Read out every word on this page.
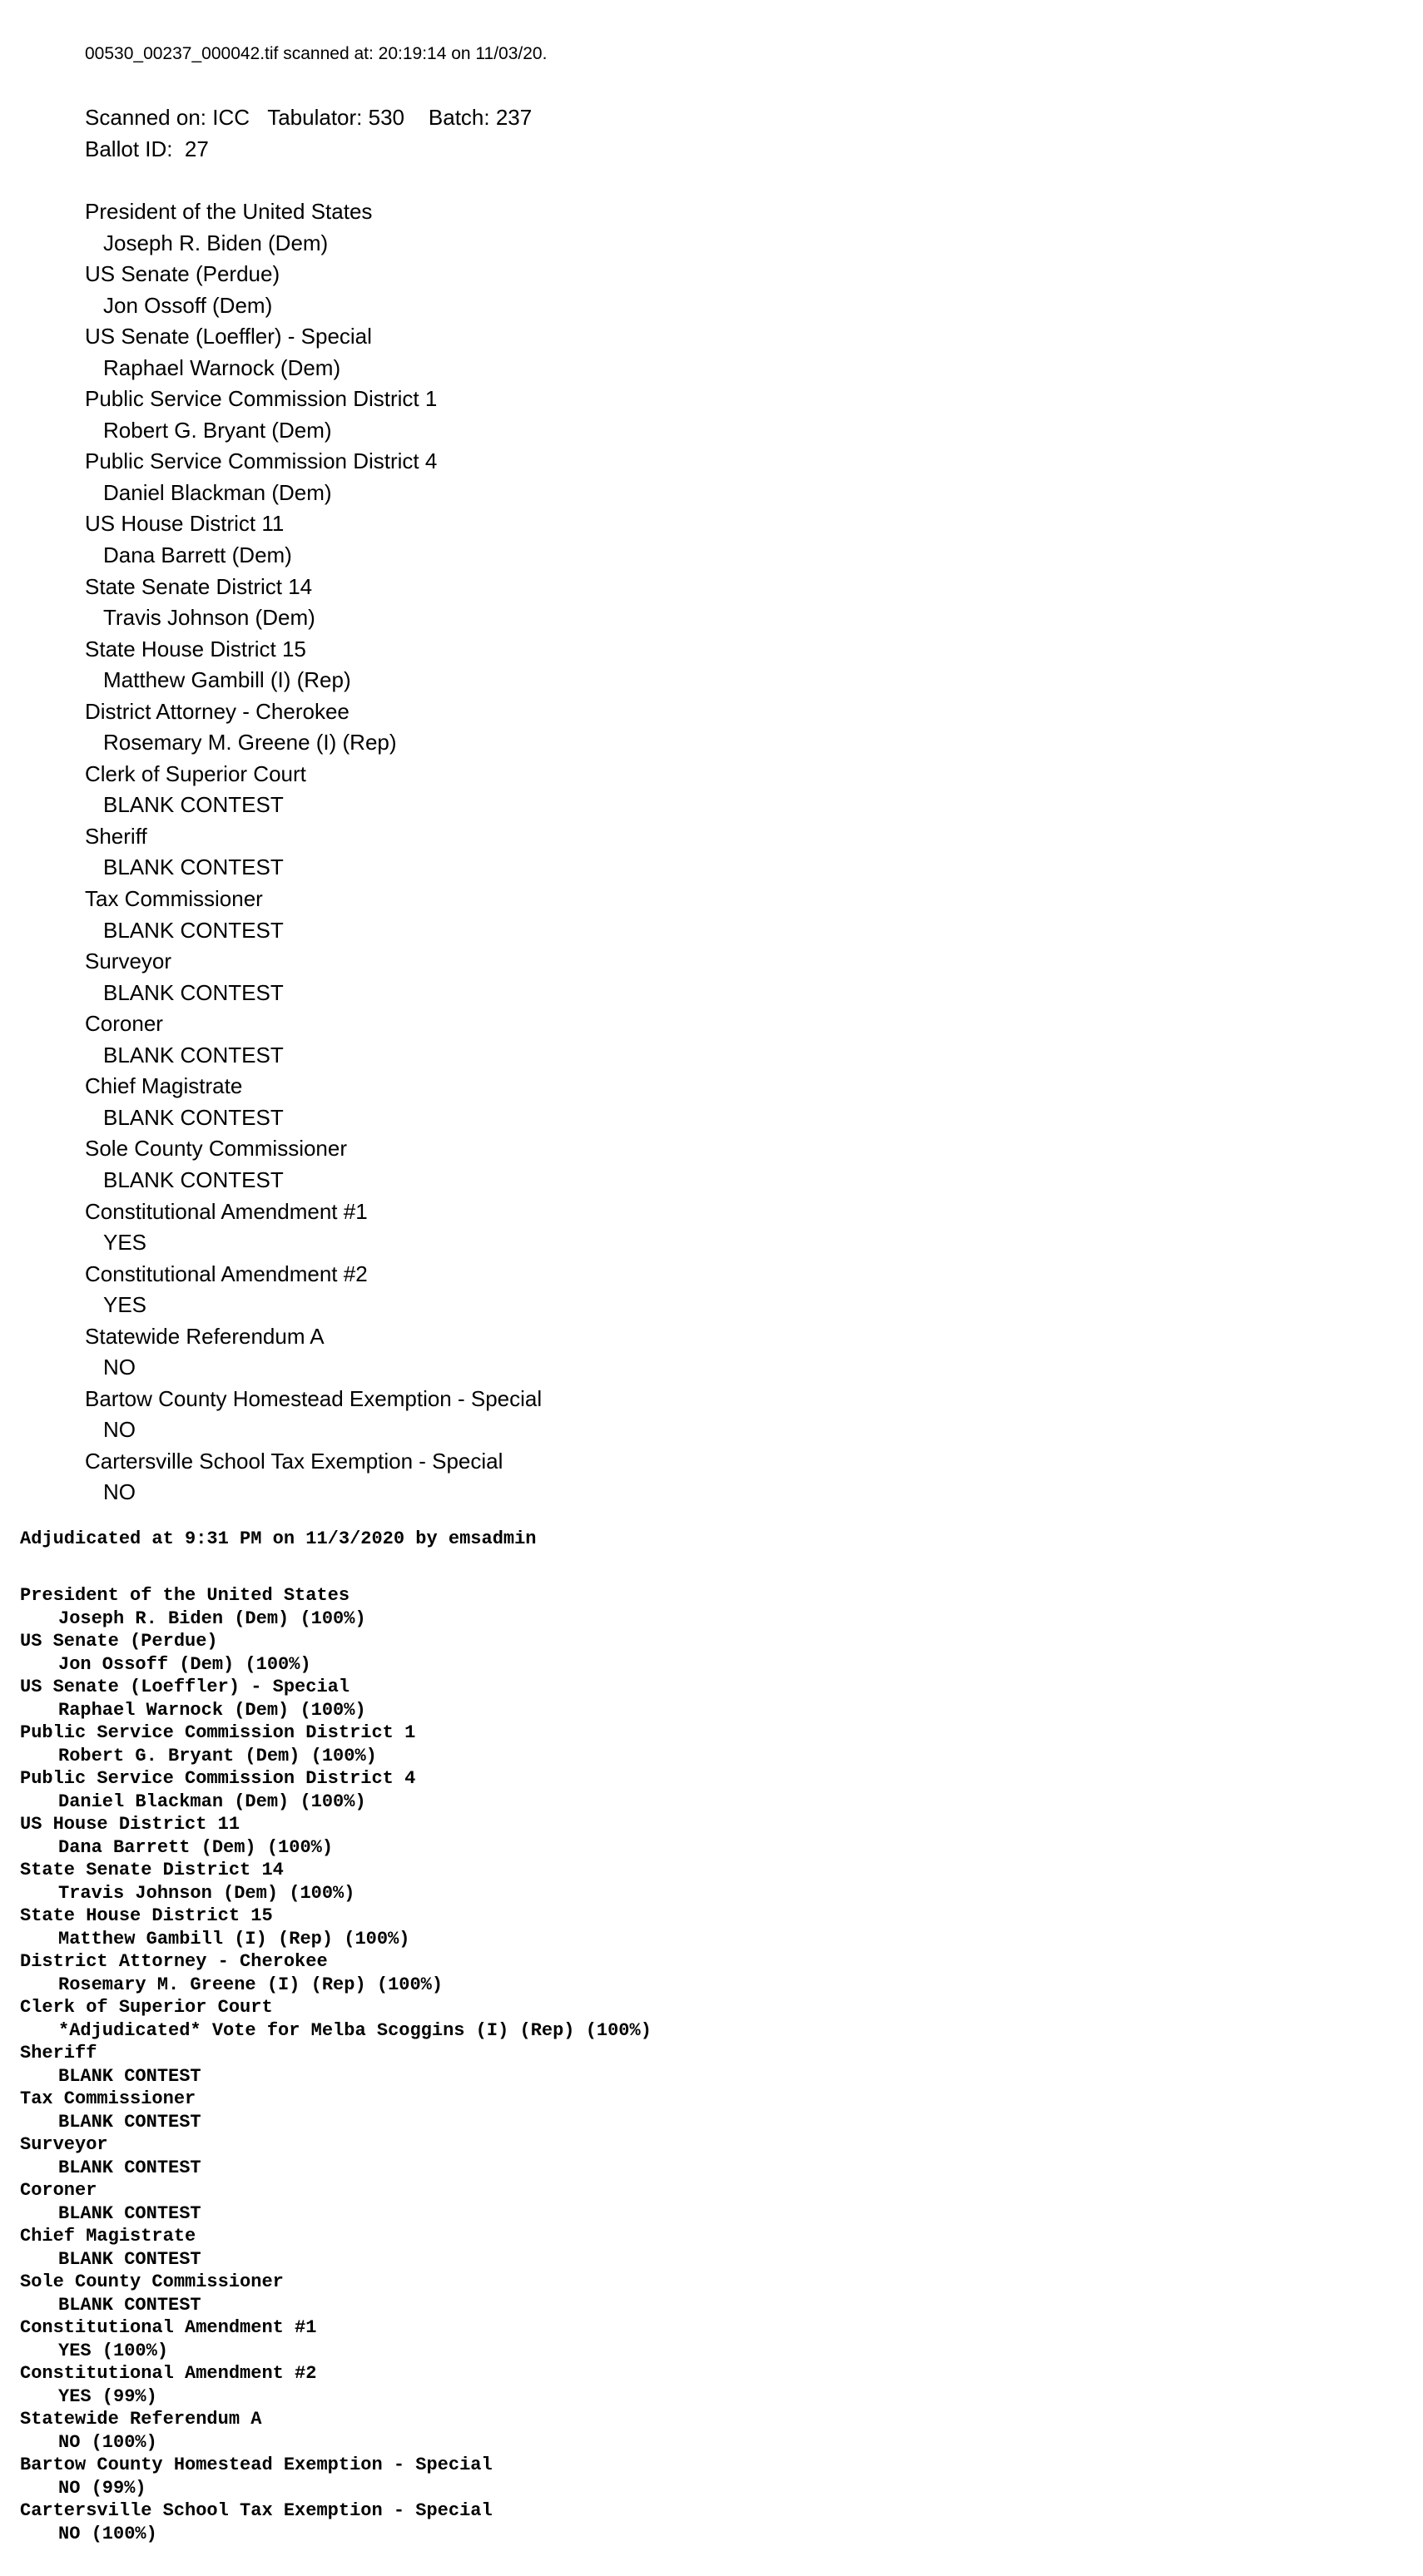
00530_00237_000042.tif scanned at: 20:19:14 on 11/03/20.
Scanned on: ICC   Tabulator: 530    Batch: 237
Ballot ID:  27
President of the United States
Joseph R. Biden (Dem)
US Senate (Perdue)
Jon Ossoff (Dem)
US Senate (Loeffler) - Special
Raphael Warnock (Dem)
Public Service Commission District 1
Robert G. Bryant (Dem)
Public Service Commission District 4
Daniel Blackman (Dem)
US House District 11
Dana Barrett (Dem)
State Senate District 14
Travis Johnson (Dem)
State House District 15
Matthew Gambill (I) (Rep)
District Attorney - Cherokee
Rosemary M. Greene (I) (Rep)
Clerk of Superior Court
BLANK CONTEST
Sheriff
BLANK CONTEST
Tax Commissioner
BLANK CONTEST
Surveyor
BLANK CONTEST
Coroner
BLANK CONTEST
Chief Magistrate
BLANK CONTEST
Sole County Commissioner
BLANK CONTEST
Constitutional Amendment #1
YES
Constitutional Amendment #2
YES
Statewide Referendum A
NO
Bartow County Homestead Exemption - Special
NO
Cartersville School Tax Exemption - Special
NO
Adjudicated at 9:31 PM on 11/3/2020 by emsadmin
President of the United States
Joseph R. Biden (Dem) (100%)
US Senate (Perdue)
Jon Ossoff (Dem) (100%)
US Senate (Loeffler) - Special
Raphael Warnock (Dem) (100%)
Public Service Commission District 1
Robert G. Bryant (Dem) (100%)
Public Service Commission District 4
Daniel Blackman (Dem) (100%)
US House District 11
Dana Barrett (Dem) (100%)
State Senate District 14
Travis Johnson (Dem) (100%)
State House District 15
Matthew Gambill (I) (Rep) (100%)
District Attorney - Cherokee
Rosemary M. Greene (I) (Rep) (100%)
Clerk of Superior Court
*Adjudicated* Vote for Melba Scoggins (I) (Rep) (100%)
Sheriff
BLANK CONTEST
Tax Commissioner
BLANK CONTEST
Surveyor
BLANK CONTEST
Coroner
BLANK CONTEST
Chief Magistrate
BLANK CONTEST
Sole County Commissioner
BLANK CONTEST
Constitutional Amendment #1
YES (100%)
Constitutional Amendment #2
YES (99%)
Statewide Referendum A
NO (100%)
Bartow County Homestead Exemption - Special
NO (99%)
Cartersville School Tax Exemption - Special
NO (100%)
